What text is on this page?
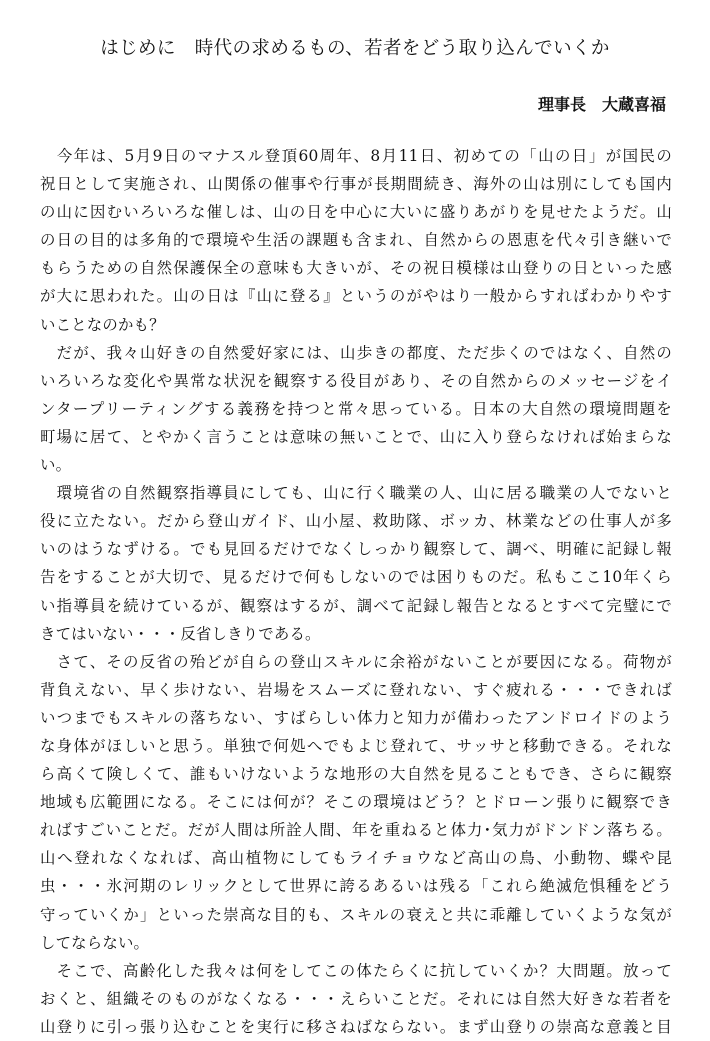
はじめに　時代の求めるもの、若者をどう取り込んでいくか
理事長　大蔵喜福
　今年は、5月9日のマナスル登頂60周年、8月11日、初めての「山の日」が国民の
祝日として実施され、山関係の催事や行事が長期間続き、海外の山は別にしても国内
の山に因むいろいろな催しは、山の日を中心に大いに盛りあがりを見せたようだ。山
の日の目的は多角的で環境や生活の課題も含まれ、自然からの恩恵を代々引き継いで
もらうための自然保護保全の意味も大きいが、その祝日模様は山登りの日といった感
が大に思われた。山の日は『山に登る』というのがやはり一般からすればわかりやす
いことなのかも？
　だが、我々山好きの自然愛好家には、山歩きの都度、ただ歩くのではなく、自然の
いろいろな変化や異常な状況を観察する役目があり、その自然からのメッセージをイ
ンタープリーティングする義務を持つと常々思っている。日本の大自然の環境問題を
町場に居て、とやかく言うことは意味の無いことで、山に入り登らなければ始まらな
い。
　環境省の自然観察指導員にしても、山に行く職業の人、山に居る職業の人でないと
役に立たない。だから登山ガイド、山小屋、救助隊、ボッカ、林業などの仕事人が多
いのはうなずける。でも見回るだけでなくしっかり観察して、調べ、明確に記録し報
告をすることが大切で、見るだけで何もしないのでは困りものだ。私もここ10年くら
い指導員を続けているが、観察はするが、調べて記録し報告となるとすべて完璧にで
きてはいない・・・反省しきりである。
　さて、その反省の殆どが自らの登山スキルに余裕がないことが要因になる。荷物が
背負えない、早く歩けない、岩場をスムーズに登れない、すぐ疲れる・・・できれば
いつまでもスキルの落ちない、すばらしい体力と知力が備わったアンドロイドのよう
な身体がほしいと思う。単独で何処へでもよじ登れて、サッサと移動できる。それな
ら高くて険しくて、誰もいけないような地形の大自然を見ることもでき、さらに観察
地域も広範囲になる。そこには何が？そこの環境はどう？とドローン張りに観察でき
ればすごいことだ。だが人間は所詮人間、年を重ねると体力･気力がドンドン落ちる。
山へ登れなくなれば、高山植物にしてもライチョウなど高山の鳥、小動物、蝶や昆
虫・・・氷河期のレリックとして世界に誇るあるいは残る「これら絶滅危惧種をどう
守っていくか」といった崇高な目的も、スキルの衰えと共に乖離していくような気が
してならない。
　そこで、高齢化した我々は何をしてこの体たらくに抗していくか？大問題。放って
おくと、組織そのものがなくなる・・・えらいことだ。それには自然大好きな若者を
山登りに引っ張り込むことを実行に移さねばならない。まず山登りの崇高な意義と目
